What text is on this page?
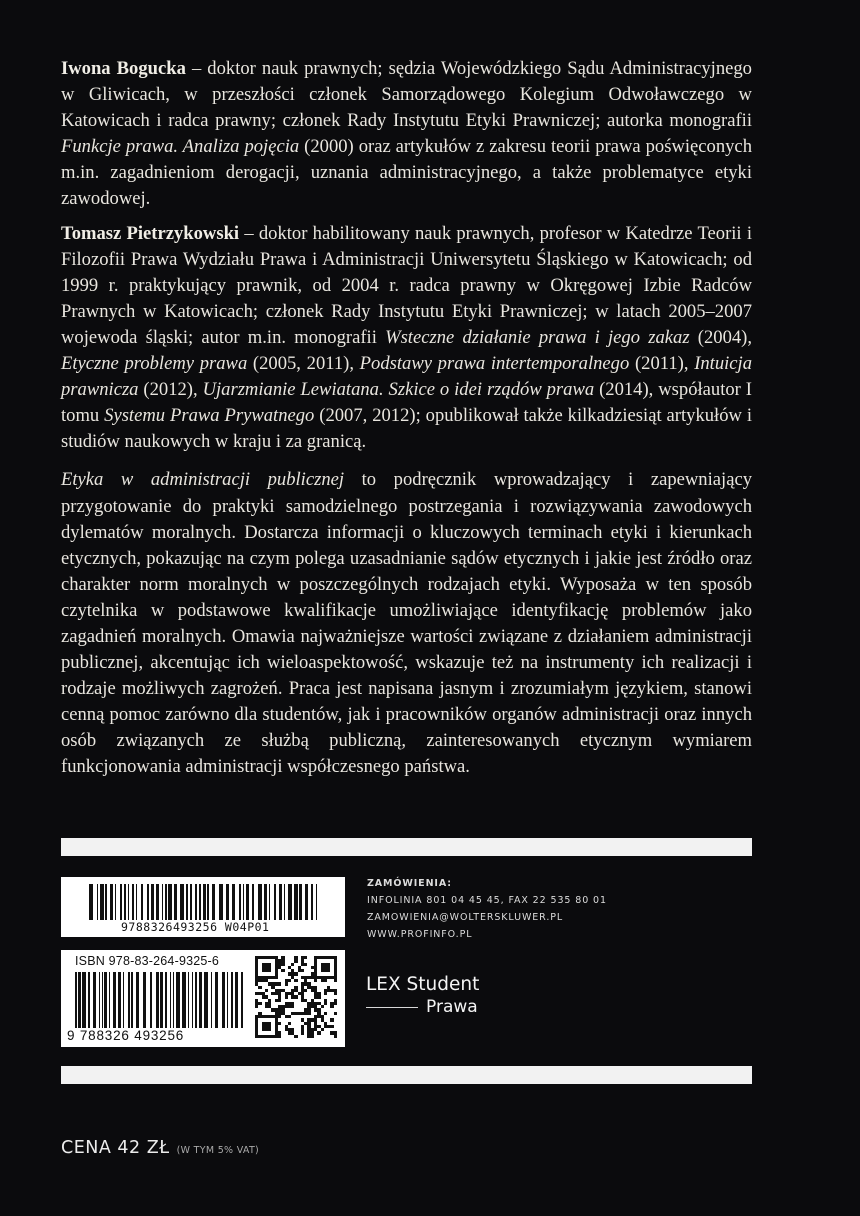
Iwona Bogucka – doktor nauk prawnych; sędzia Wojewódzkiego Sądu Administracyjnego w Gliwicach, w przeszłości członek Samorządowego Kolegium Odwoławczego w Katowicach i radca prawny; członek Rady Instytutu Etyki Prawniczej; autorka monografii Funkcje prawa. Analiza pojęcia (2000) oraz artykułów z zakresu teorii prawa poświęconych m.in. zagadnieniom derogacji, uznania administracyjnego, a także problematyce etyki zawodowej.

Tomasz Pietrzykowski – doktor habilitowany nauk prawnych, profesor w Katedrze Teorii i Filozofii Prawa Wydziału Prawa i Administracji Uniwersytetu Śląskiego w Katowicach; od 1999 r. praktykujący prawnik, od 2004 r. radca prawny w Okręgowej Izbie Radców Prawnych w Katowicach; członek Rady Instytutu Etyki Prawniczej; w latach 2005–2007 wojewoda śląski; autor m.in. monografii Wsteczne działanie prawa i jego zakaz (2004), Etyczne problemy prawa (2005, 2011), Podstawy prawa intertemporalnego (2011), Intuicja prawnicza (2012), Ujarzmianie Lewiatana. Szkice o idei rządów prawa (2014), współautor I tomu Systemu Prawa Prywatnego (2007, 2012); opublikował także kilkadziesiąt artykułów i studiów naukowych w kraju i za granicą.

Etyka w administracji publicznej to podręcznik wprowadzający i zapewniający przygotowanie do praktyki samodzielnego postrzegania i rozwiązywania zawodowych dylematów moralnych. Dostarcza informacji o kluczowych terminach etyki i kierunkach etycznych, pokazując na czym polega uzasadnianie sądów etycznych i jakie jest źródło oraz charakter norm moralnych w poszczególnych rodzajach etyki. Wyposaża w ten sposób czytelnika w podstawowe kwalifikacje umożliwiające identyfikację problemów jako zagadnień moralnych. Omawia najważniejsze wartości związane z działaniem administracji publicznej, akcentując ich wieloaspektowość, wskazuje też na instrumenty ich realizacji i rodzaje możliwych zagrożeń. Praca jest napisana jasnym i zrozumiałym językiem, stanowi cenną pomoc zarówno dla studentów, jak i pracowników organów administracji oraz innych osób związanych ze służbą publiczną, zainteresowanych etycznym wymiarem funkcjonowania administracji współczesnego państwa.

9788326493256 W04P01
ISBN 978-83-264-9325-6
9 788326 493256
ZAMÓWIENIA:
INFOLINIA 801 04 45 45, FAX 22 535 80 01
ZAMOWIENIA@WOLTERSKLUWER.PL
WWW.PROFINFO.PL
LEX Student
Prawa
CENA 42 ZŁ (W TYM 5% VAT)
